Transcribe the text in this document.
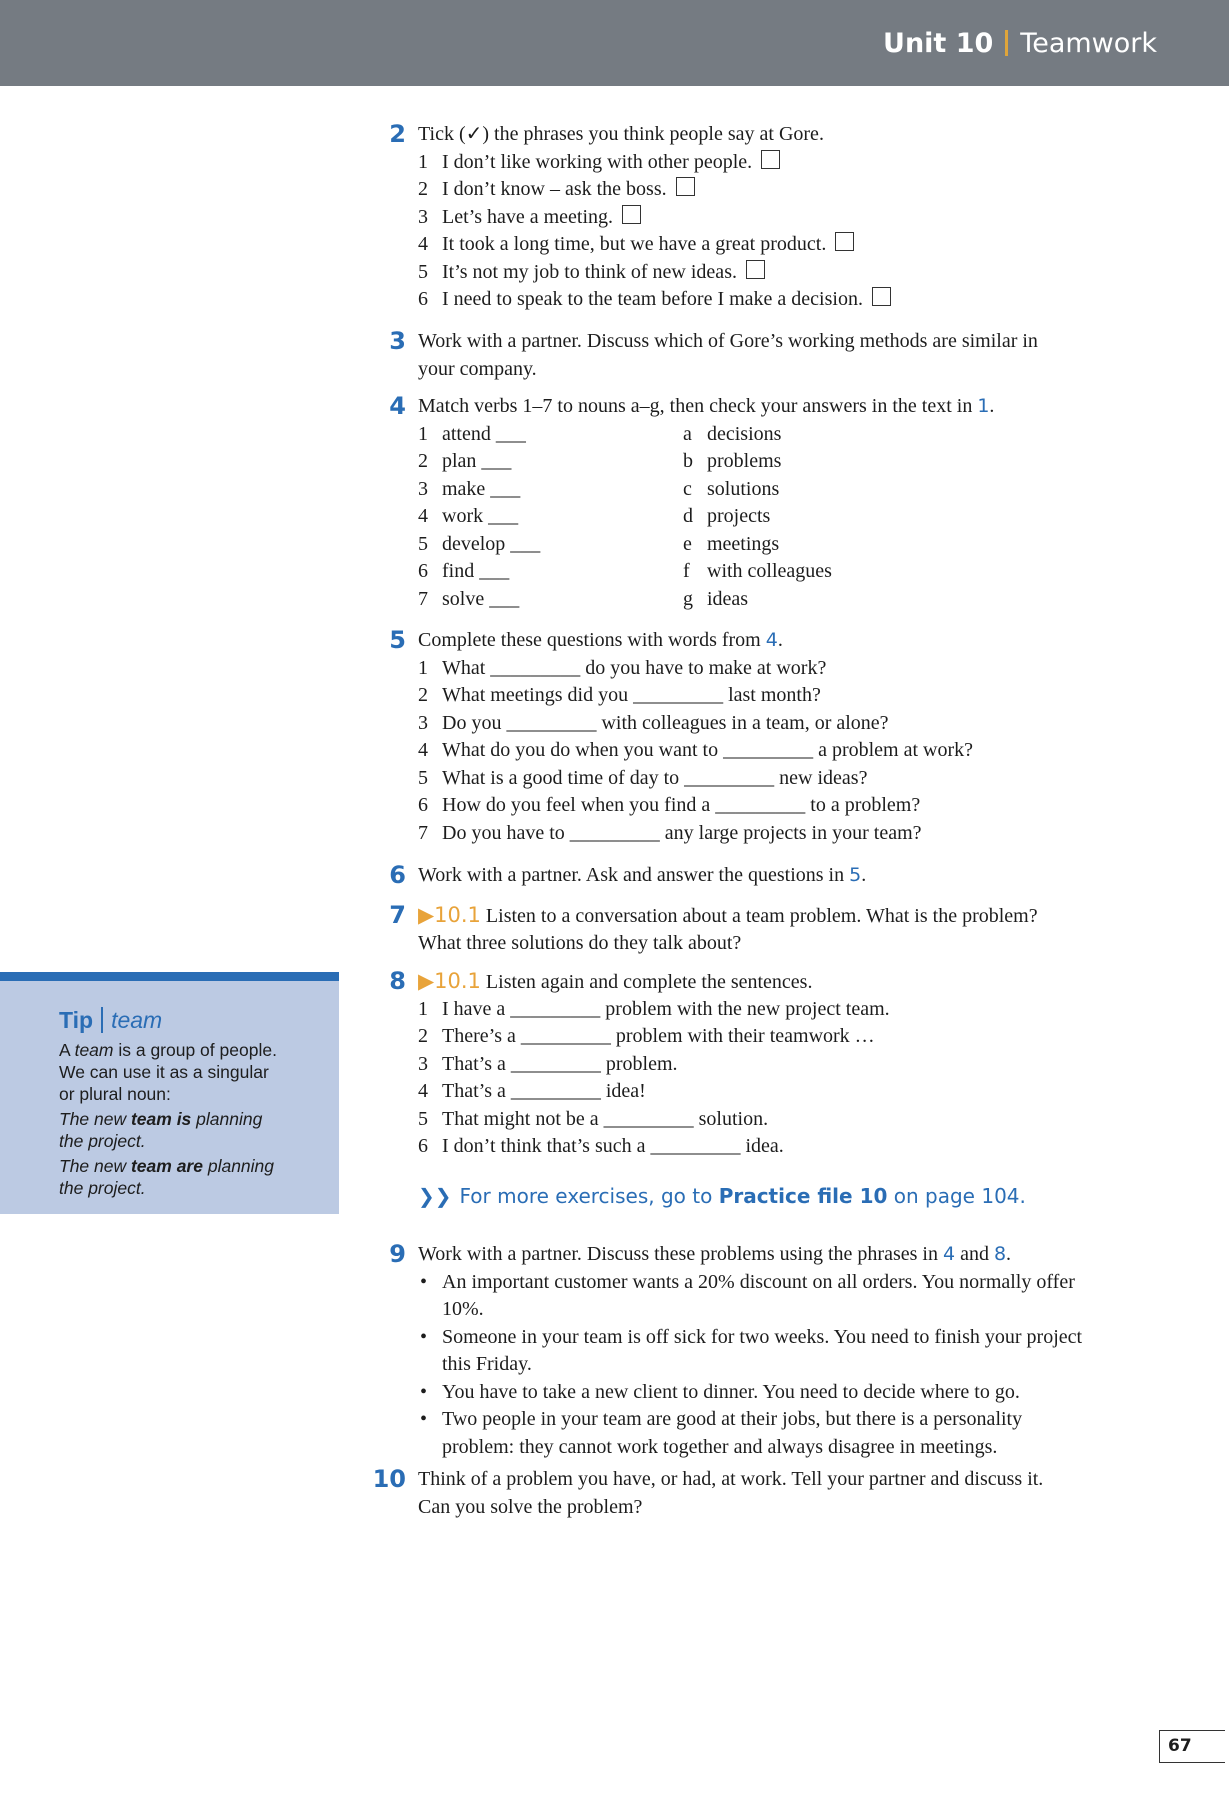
Unit 10 Teamwork
2 Tick (✓) the phrases you think people say at Gore.
1 I don’t like working with other people.
2 I don’t know – ask the boss.
3 Let’s have a meeting.
4 It took a long time, but we have a great product.
5 It’s not my job to think of new ideas.
6 I need to speak to the team before I make a decision.
3 Work with a partner. Discuss which of Gore’s working methods are similar in
your company.
4 Match verbs 1–7 to nouns a–g, then check your answers in the text in 1.
1 attend ___
2 plan ___
3 make ___
4 work ___
5 develop ___
6 find ___
7 solve ___
a decisions
b problems
c solutions
d projects
e meetings
f with colleagues
g ideas
5 Complete these questions with words from 4.
1 What _________ do you have to make at work?
2 What meetings did you _________ last month?
3 Do you _________ with colleagues in a team, or alone?
4 What do you do when you want to _________ a problem at work?
5 What is a good time of day to _________ new ideas?
6 How do you feel when you find a _________ to a problem?
7 Do you have to _________ any large projects in your team?
6 Work with a partner. Ask and answer the questions in 5.
7 ▶10.1 Listen to a conversation about a team problem. What is the problem?
What three solutions do they talk about?
8 ▶10.1 Listen again and complete the sentences.
1 I have a _________ problem with the new project team.
2 There’s a _________ problem with their teamwork …
3 That’s a _________ problem.
4 That’s a _________ idea!
5 That might not be a _________ solution.
6 I don’t think that’s such a _________ idea.
❯❯ For more exercises, go to Practice file 10 on page 104.
9 Work with a partner. Discuss these problems using the phrases in 4 and 8.
• An important customer wants a 20% discount on all orders. You normally offer
10%.
• Someone in your team is off sick for two weeks. You need to finish your project
this Friday.
• You have to take a new client to dinner. You need to decide where to go.
• Two people in your team are good at their jobs, but there is a personality
problem: they cannot work together and always disagree in meetings.
10 Think of a problem you have, or had, at work. Tell your partner and discuss it.
Can you solve the problem?
Tip team
A team is a group of people.
We can use it as a singular
or plural noun:
The new team is planning
the project.
The new team are planning
the project.
67
